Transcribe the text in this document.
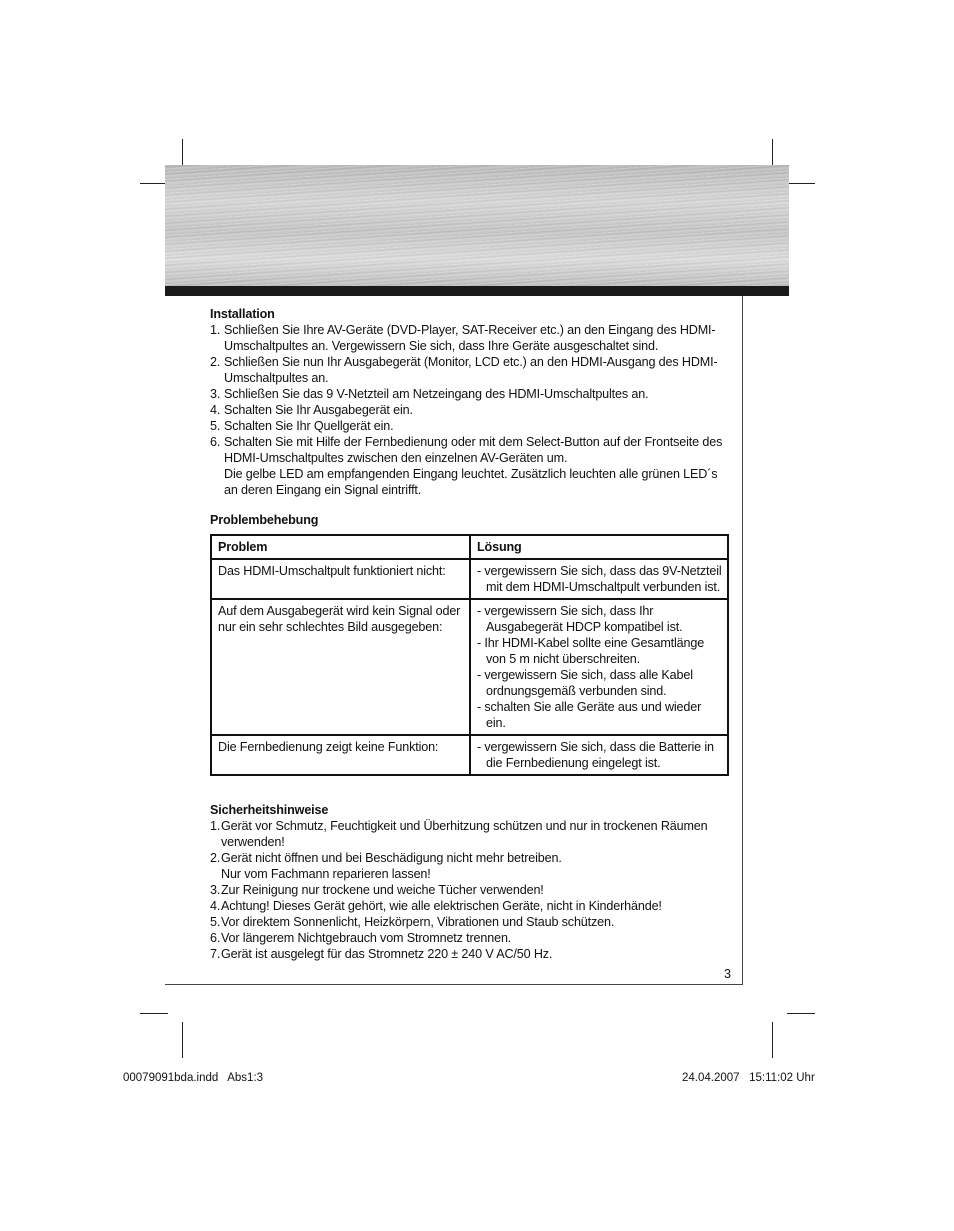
Installation
1. Schließen Sie Ihre AV-Geräte (DVD-Player, SAT-Receiver etc.) an den Eingang des HDMI-Umschaltpultes an. Vergewissern Sie sich, dass Ihre Geräte ausgeschaltet sind.
2. Schließen Sie nun Ihr Ausgabegerät (Monitor, LCD etc.) an den HDMI-Ausgang des HDMI-Umschaltpultes an.
3. Schließen Sie das 9 V-Netzteil am Netzeingang des HDMI-Umschaltpultes an.
4. Schalten Sie Ihr Ausgabegerät ein.
5. Schalten Sie Ihr Quellgerät ein.
6. Schalten Sie mit Hilfe der Fernbedienung oder mit dem Select-Button auf der Frontseite des HDMI-Umschaltpultes zwischen den einzelnen AV-Geräten um.
Die gelbe LED am empfangenden Eingang leuchtet. Zusätzlich leuchten alle grünen LED´s an deren Eingang ein Signal eintrifft.
Problembehebung
Problem	Lösung
Das HDMI-Umschaltpult funktioniert nicht:	- vergewissern Sie sich, dass das 9V-Netzteil mit dem HDMI-Umschaltpult verbunden ist.

Auf dem Ausgabegerät wird kein Signal oder nur ein sehr schlechtes Bild ausgegeben:	- vergewissern Sie sich, dass Ihr Ausgabegerät HDCP kompatibel ist.
- Ihr HDMI-Kabel sollte eine Gesamtlänge von 5 m nicht überschreiten.
- vergewissern Sie sich, dass alle Kabel ordnungsgemäß verbunden sind.
- schalten Sie alle Geräte aus und wieder ein.

Die Fernbedienung zeigt keine Funktion:	- vergewissern Sie sich, dass die Batterie in die Fernbedienung eingelegt ist.
Sicherheitshinweise
1.Gerät vor Schmutz, Feuchtigkeit und Überhitzung schützen und nur in trockenen Räumen verwenden!
2.Gerät nicht öffnen und bei Beschädigung nicht mehr betreiben.
Nur vom Fachmann reparieren lassen!
3.Zur Reinigung nur trockene und weiche Tücher verwenden!
4.Achtung! Dieses Gerät gehört, wie alle elektrischen Geräte, nicht in Kinderhände!
5.Vor direktem Sonnenlicht, Heizkörpern, Vibrationen und Staub schützen.
6.Vor längerem Nichtgebrauch vom Stromnetz trennen.
7.Gerät ist ausgelegt für das Stromnetz 220 ± 240 V AC/50 Hz.
3
00079091bda.indd   Abs1:3	24.04.2007   15:11:02 Uhr
